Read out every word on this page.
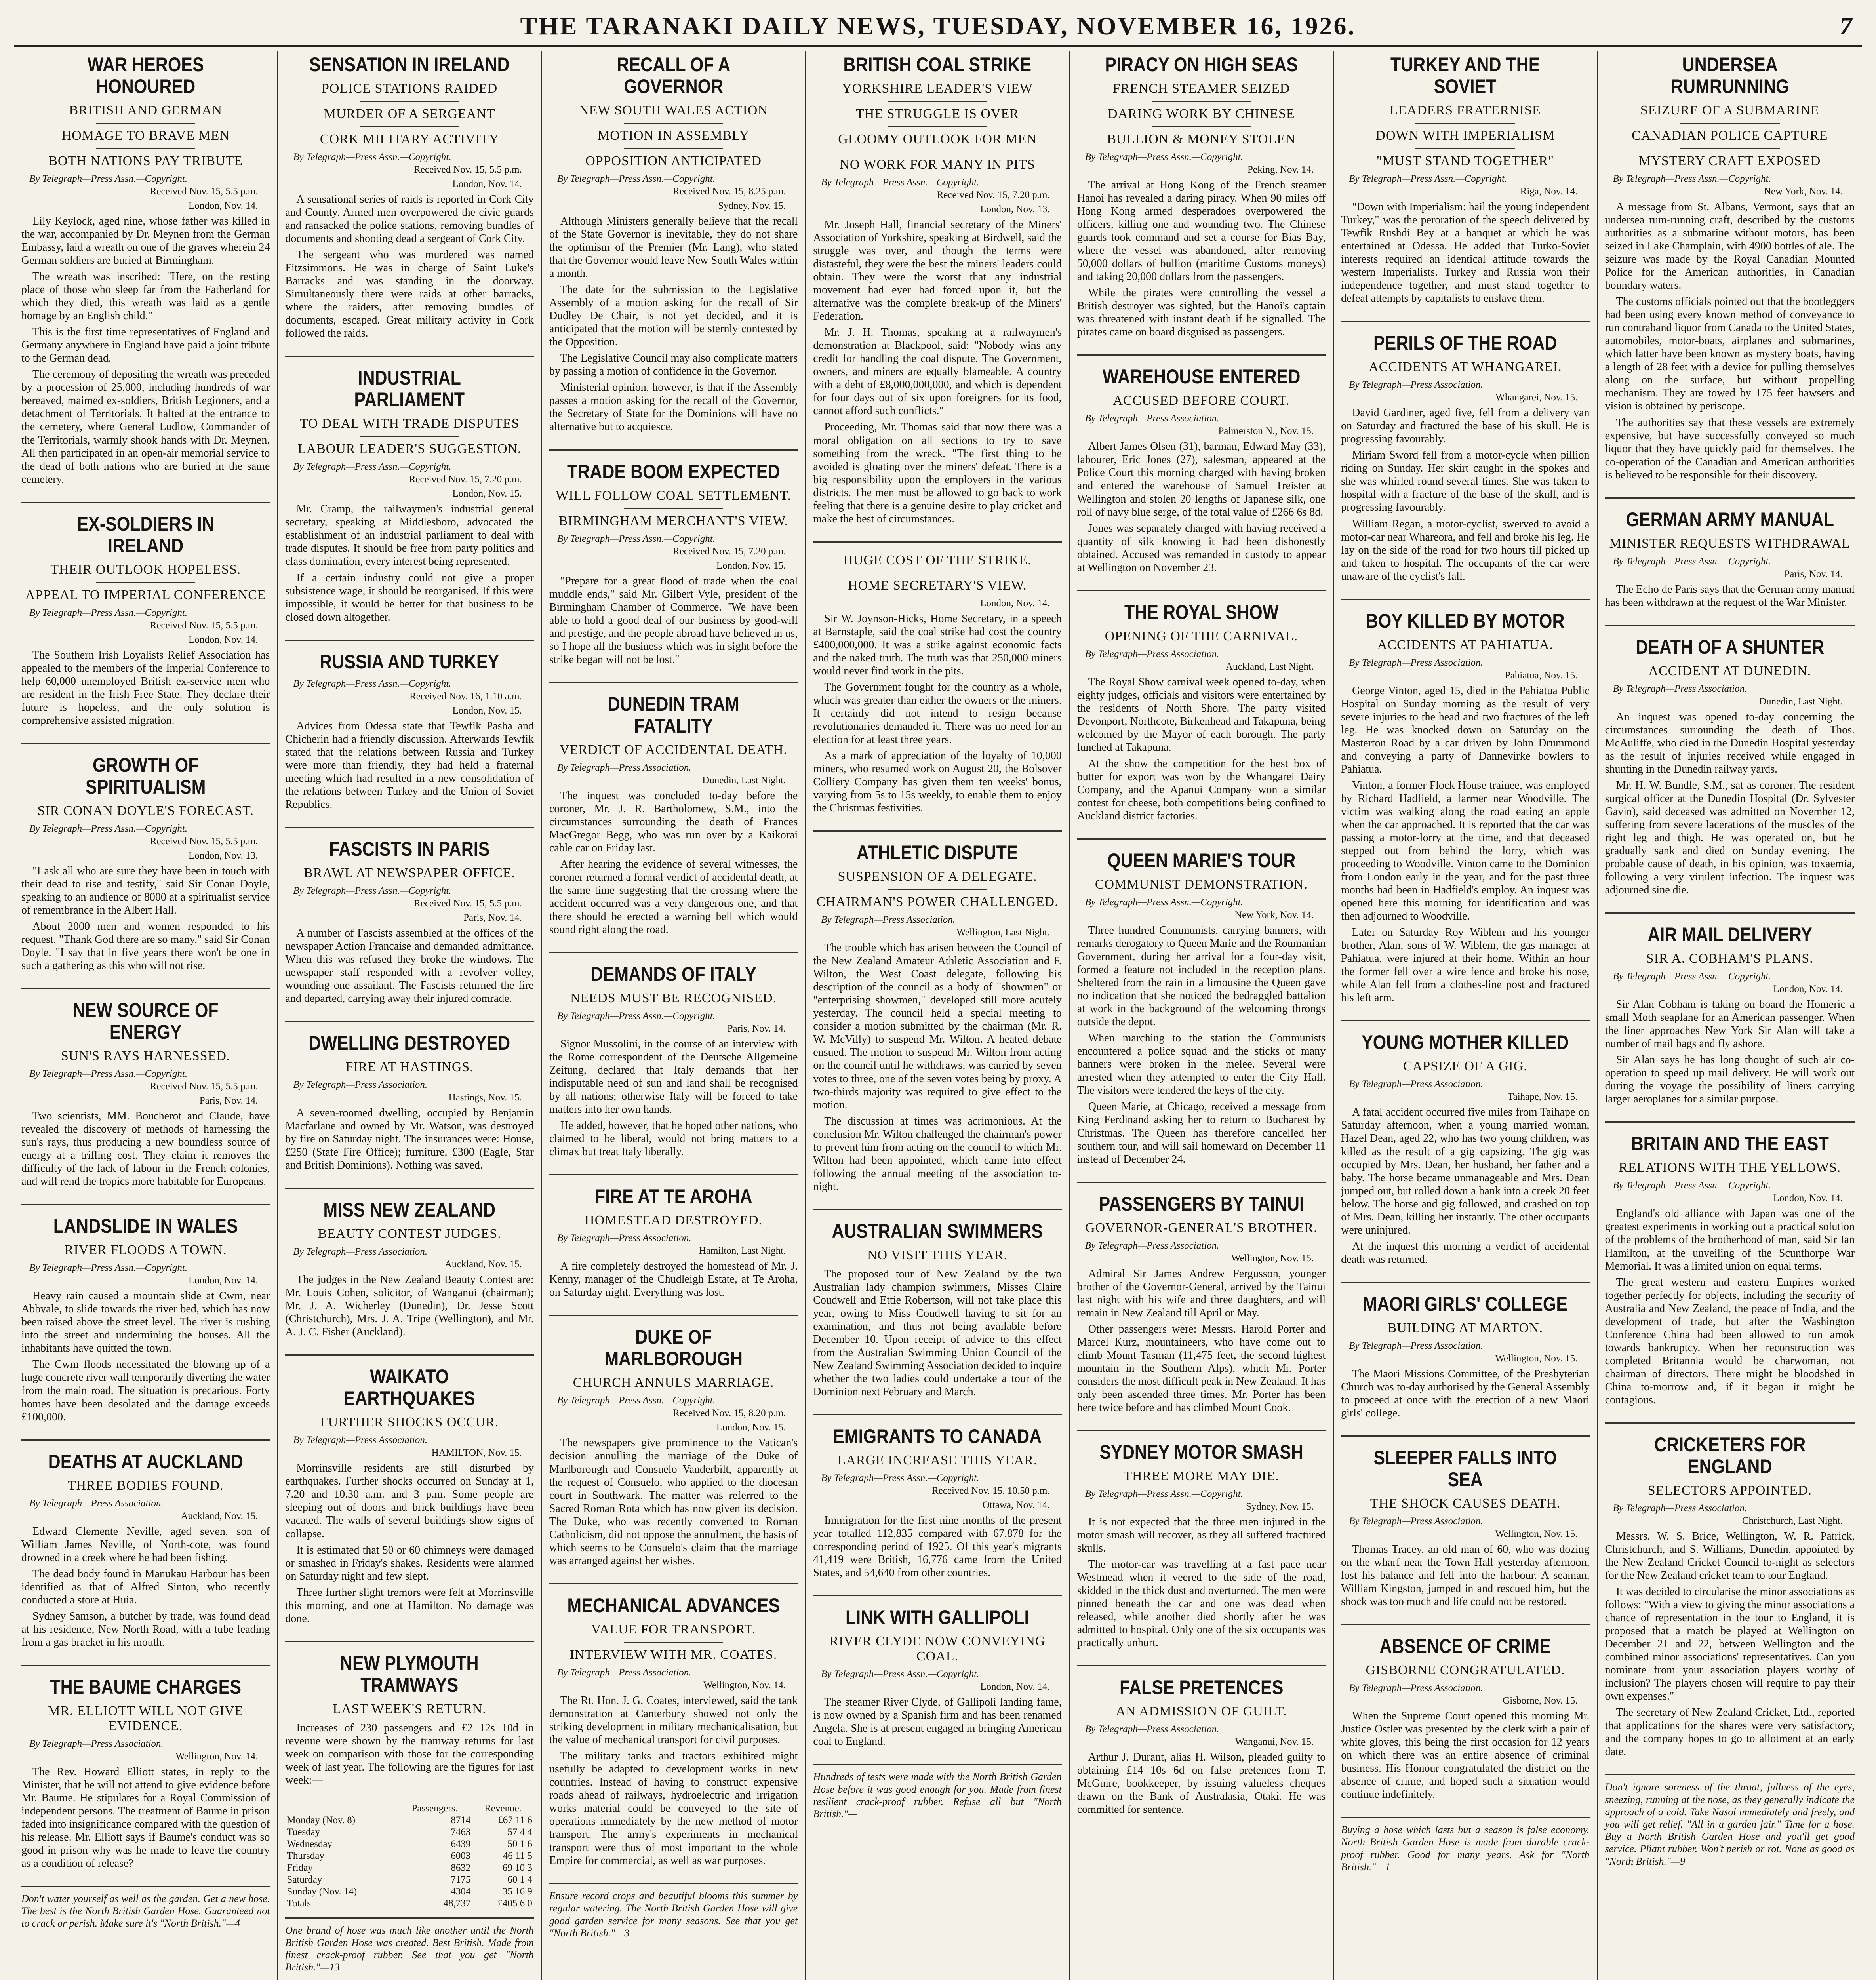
THE TARANAKI DAILY NEWS, TUESDAY, NOVEMBER 16, 1926.	7
WAR HEROES HONOURED
BRITISH AND GERMAN
HOMAGE TO BRAVE MEN
BOTH NATIONS PAY TRIBUTE
By Telegraph—Press Assn.—Copyright.
Received Nov. 15, 5.5 p.m.
London, Nov. 14.

Lily Keylock, aged nine, whose father was killed in the war, accompanied by Dr. Meynen from the German Embassy, laid a wreath on one of the graves wherein 24 German soldiers are buried at Birmingham.

The wreath was inscribed: "Here, on the resting place of those who sleep far from the Fatherland for which they died, this wreath was laid as a gentle homage by an English child."

This is the first time representatives of England and Germany anywhere in England have paid a joint tribute to the German dead.

The ceremony of depositing the wreath was preceded by a procession of 25,000, including hundreds of war bereaved, maimed ex-soldiers, British Legioners, and a detachment of Territorials. It halted at the entrance to the cemetery, where General Ludlow, Commander of the Territorials, warmly shook hands with Dr. Meynen. All then participated in an open-air memorial service to the dead of both nations who are buried in the same cemetery.

EX-SOLDIERS IN IRELAND
THEIR OUTLOOK HOPELESS.
APPEAL TO IMPERIAL CONFERENCE
By Telegraph—Press Assn.—Copyright.
Received Nov. 15, 5.5 p.m.
London, Nov. 14.

The Southern Irish Loyalists Relief Association has appealed to the members of the Imperial Conference to help 60,000 unemployed British ex-service men who are resident in the Irish Free State. They declare their future is hopeless, and the only solution is comprehensive assisted migration.

GROWTH OF SPIRITUALISM
SIR CONAN DOYLE'S FORECAST.
By Telegraph—Press Assn.—Copyright.
Received Nov. 15, 5.5 p.m.
London, Nov. 13.

"I ask all who are sure they have been in touch with their dead to rise and testify," said Sir Conan Doyle, speaking to an audience of 8000 at a spiritualist service of remembrance in the Albert Hall.

About 2000 men and women responded to his request. "Thank God there are so many," said Sir Conan Doyle. "I say that in five years there won't be one in such a gathering as this who will not rise.

NEW SOURCE OF ENERGY
SUN'S RAYS HARNESSED.
By Telegraph—Press Assn.—Copyright.
Received Nov. 15, 5.5 p.m.
Paris, Nov. 14.

Two scientists, MM. Boucherot and Claude, have revealed the discovery of methods of harnessing the sun's rays, thus producing a new boundless source of energy at a trifling cost. They claim it removes the difficulty of the lack of labour in the French colonies, and will rend the tropics more habitable for Europeans.

LANDSLIDE IN WALES
RIVER FLOODS A TOWN.
By Telegraph—Press Assn.—Copyright.
London, Nov. 14.

Heavy rain caused a mountain slide at Cwm, near Abbvale, to slide towards the river bed, which has now been raised above the street level. The river is rushing into the street and undermining the houses. All the inhabitants have quitted the town.

The Cwm floods necessitated the blowing up of a huge concrete river wall temporarily diverting the water from the main road. The situation is precarious. Forty homes have been desolated and the damage exceeds £100,000.

DEATHS AT AUCKLAND
THREE BODIES FOUND.
By Telegraph—Press Association.
Auckland, Nov. 15.

Edward Clemente Neville, aged seven, son of William James Neville, of North-cote, was found drowned in a creek where he had been fishing.

The dead body found in Manukau Harbour has been identified as that of Alfred Sinton, who recently conducted a store at Huia.

Sydney Samson, a butcher by trade, was found dead at his residence, New North Road, with a tube leading from a gas bracket in his mouth.

THE BAUME CHARGES
MR. ELLIOTT WILL NOT GIVE EVIDENCE.
By Telegraph—Press Association.
Wellington, Nov. 14.

The Rev. Howard Elliott states, in reply to the Minister, that he will not attend to give evidence before Mr. Baume. He stipulates for a Royal Commission of independent persons. The treatment of Baume in prison faded into insignificance compared with the question of his release. Mr. Elliott says if Baume's conduct was so good in prison why was he made to leave the country as a condition of release?

Don't water yourself as well as the garden. Get a new hose. The best is the North British Garden Hose. Guaranteed not to crack or perish. Make sure it's "North British."—4
SENSATION IN IRELAND
POLICE STATIONS RAIDED
MURDER OF A SERGEANT
CORK MILITARY ACTIVITY
By Telegraph—Press Assn.—Copyright.
Received Nov. 15, 5.5 p.m.
London, Nov. 14.

A sensational series of raids is reported in Cork City and County. Armed men overpowered the civic guards and ransacked the police stations, removing bundles of documents and shooting dead a sergeant of Cork City.

The sergeant who was murdered was named Fitzsimmons. He was in charge of Saint Luke's Barracks and was standing in the doorway. Simultaneously there were raids at other barracks, where the raiders, after removing bundles of documents, escaped. Great military activity in Cork followed the raids.

INDUSTRIAL PARLIAMENT
TO DEAL WITH TRADE DISPUTES
LABOUR LEADER'S SUGGESTION.
By Telegraph—Press Assn.—Copyright.
Received Nov. 15, 7.20 p.m.
London, Nov. 15.

Mr. Cramp, the railwaymen's industrial general secretary, speaking at Middlesboro, advocated the establishment of an industrial parliament to deal with trade disputes. It should be free from party politics and class domination, every interest being represented.

If a certain industry could not give a proper subsistence wage, it should be reorganised. If this were impossible, it would be better for that business to be closed down altogether.

RUSSIA AND TURKEY
By Telegraph—Press Assn.—Copyright.
Received Nov. 16, 1.10 a.m.
London, Nov. 15.

Advices from Odessa state that Tewfik Pasha and Chicherin had a friendly discussion. Afterwards Tewfik stated that the relations between Russia and Turkey were more than friendly, they had held a fraternal meeting which had resulted in a new consolidation of the relations between Turkey and the Union of Soviet Republics.

FASCISTS IN PARIS
BRAWL AT NEWSPAPER OFFICE.
By Telegraph—Press Assn.—Copyright.
Received Nov. 15, 5.5 p.m.
Paris, Nov. 14.

A number of Fascists assembled at the offices of the newspaper Action Francaise and demanded admittance. When this was refused they broke the windows. The newspaper staff responded with a revolver volley, wounding one assailant. The Fascists returned the fire and departed, carrying away their injured comrade.

DWELLING DESTROYED
FIRE AT HASTINGS.
By Telegraph—Press Association.
Hastings, Nov. 15.

A seven-roomed dwelling, occupied by Benjamin Macfarlane and owned by Mr. Watson, was destroyed by fire on Saturday night. The insurances were: House, £250 (State Fire Office); furniture, £300 (Eagle, Star and British Dominions). Nothing was saved.

MISS NEW ZEALAND
BEAUTY CONTEST JUDGES.
By Telegraph—Press Association.
Auckland, Nov. 15.

The judges in the New Zealand Beauty Contest are: Mr. Louis Cohen, solicitor, of Wanganui (chairman); Mr. J. A. Wicherley (Dunedin), Dr. Jesse Scott (Christchurch), Mrs. J. A. Tripe (Wellington), and Mr. A. J. C. Fisher (Auckland).

WAIKATO EARTHQUAKES
FURTHER SHOCKS OCCUR.
By Telegraph—Press Association.
HAMILTON, Nov. 15.

Morrinsville residents are still disturbed by earthquakes. Further shocks occurred on Sunday at 1, 7.20 and 10.30 a.m. and 3 p.m. Some people are sleeping out of doors and brick buildings have been vacated. The walls of several buildings show signs of collapse.

It is estimated that 50 or 60 chimneys were damaged or smashed in Friday's shakes. Residents were alarmed on Saturday night and few slept.

Three further slight tremors were felt at Morrinsville this morning, and one at Hamilton. No damage was done.

NEW PLYMOUTH TRAMWAYS
LAST WEEK'S RETURN.

Increases of 230 passengers and £2 12s 10d in revenue were shown by the tramway returns for last week on comparison with those for the corresponding week of last year. The following are the figures for last week:—

	Passengers.	Revenue.
Monday (Nov. 8)	8714	£67 11 6
Tuesday	7463	57 4 4
Wednesday	6439	50 1 6
Thursday	6003	46 11 5
Friday	8632	69 10 3
Saturday	7175	60 1 4
Sunday (Nov. 14)	4304	35 16 9
Totals	48,737	£405 6 0
One brand of hose was much like another until the North British Garden Hose was created. Best British. Made from finest crack-proof rubber. See that you get "North British."—13
RECALL OF A GOVERNOR
NEW SOUTH WALES ACTION
MOTION IN ASSEMBLY
OPPOSITION ANTICIPATED
By Telegraph—Press Assn.—Copyright.
Received Nov. 15, 8.25 p.m.
Sydney, Nov. 15.

Although Ministers generally believe that the recall of the State Governor is inevitable, they do not share the optimism of the Premier (Mr. Lang), who stated that the Governor would leave New South Wales within a month.

The date for the submission to the Legislative Assembly of a motion asking for the recall of Sir Dudley De Chair, is not yet decided, and it is anticipated that the motion will be sternly contested by the Opposition.

The Legislative Council may also complicate matters by passing a motion of confidence in the Governor.

Ministerial opinion, however, is that if the Assembly passes a motion asking for the recall of the Governor, the Secretary of State for the Dominions will have no alternative but to acquiesce.

TRADE BOOM EXPECTED
WILL FOLLOW COAL SETTLEMENT.
BIRMINGHAM MERCHANT'S VIEW.
By Telegraph—Press Assn.—Copyright.
Received Nov. 15, 7.20 p.m.
London, Nov. 15.

"Prepare for a great flood of trade when the coal muddle ends," said Mr. Gilbert Vyle, president of the Birmingham Chamber of Commerce. "We have been able to hold a good deal of our business by good-will and prestige, and the people abroad have believed in us, so I hope all the business which was in sight before the strike began will not be lost."

DUNEDIN TRAM FATALITY
VERDICT OF ACCIDENTAL DEATH.
By Telegraph—Press Association.
Dunedin, Last Night.

The inquest was concluded to-day before the coroner, Mr. J. R. Bartholomew, S.M., into the circumstances surrounding the death of Frances MacGregor Begg, who was run over by a Kaikorai cable car on Friday last.

After hearing the evidence of several witnesses, the coroner returned a formal verdict of accidental death, at the same time suggesting that the crossing where the accident occurred was a very dangerous one, and that there should be erected a warning bell which would sound right along the road.

DEMANDS OF ITALY
NEEDS MUST BE RECOGNISED.
By Telegraph—Press Assn.—Copyright.
Paris, Nov. 14.

Signor Mussolini, in the course of an interview with the Rome correspondent of the Deutsche Allgemeine Zeitung, declared that Italy demands that her indisputable need of sun and land shall be recognised by all nations; otherwise Italy will be forced to take matters into her own hands.

He added, however, that he hoped other nations, who claimed to be liberal, would not bring matters to a climax but treat Italy liberally.

FIRE AT TE AROHA
HOMESTEAD DESTROYED.
By Telegraph—Press Association.
Hamilton, Last Night.

A fire completely destroyed the homestead of Mr. J. Kenny, manager of the Chudleigh Estate, at Te Aroha, on Saturday night. Everything was lost.

DUKE OF MARLBOROUGH
CHURCH ANNULS MARRIAGE.
By Telegraph—Press Assn.—Copyright.
Received Nov. 15, 8.20 p.m.
London, Nov. 15.

The newspapers give prominence to the Vatican's decision annulling the marriage of the Duke of Marlborough and Consuelo Vanderbilt, apparently at the request of Consuelo, who applied to the diocesan court in Southwark. The matter was referred to the Sacred Roman Rota which has now given its decision. The Duke, who was recently converted to Roman Catholicism, did not oppose the annulment, the basis of which seems to be Consuelo's claim that the marriage was arranged against her wishes.

MECHANICAL ADVANCES
VALUE FOR TRANSPORT.
INTERVIEW WITH MR. COATES.
By Telegraph—Press Association.
Wellington, Nov. 14.

The Rt. Hon. J. G. Coates, interviewed, said the tank demonstration at Canterbury showed not only the striking development in military mechanicalisation, but the value of mechanical transport for civil purposes.

The military tanks and tractors exhibited might usefully be adapted to development works in new countries. Instead of having to construct expensive roads ahead of railways, hydroelectric and irrigation works material could be conveyed to the site of operations immediately by the new method of motor transport. The army's experiments in mechanical transport were thus of most important to the whole Empire for commercial, as well as war purposes.

Ensure record crops and beautiful blooms this summer by regular watering. The North British Garden Hose will give good garden service for many seasons. See that you get "North British."—3
BRITISH COAL STRIKE
YORKSHIRE LEADER'S VIEW
THE STRUGGLE IS OVER
GLOOMY OUTLOOK FOR MEN
NO WORK FOR MANY IN PITS
By Telegraph—Press Assn.—Copyright.
Received Nov. 15, 7.20 p.m.
London, Nov. 13.

Mr. Joseph Hall, financial secretary of the Miners' Association of Yorkshire, speaking at Birdwell, said the struggle was over, and though the terms were distasteful, they were the best the miners' leaders could obtain. They were the worst that any industrial movement had ever had forced upon it, but the alternative was the complete break-up of the Miners' Federation.

Mr. J. H. Thomas, speaking at a railwaymen's demonstration at Blackpool, said: "Nobody wins any credit for handling the coal dispute. The Government, owners, and miners are equally blameable. A country with a debt of £8,000,000,000, and which is dependent for four days out of six upon foreigners for its food, cannot afford such conflicts."

Proceeding, Mr. Thomas said that now there was a moral obligation on all sections to try to save something from the wreck. "The first thing to be avoided is gloating over the miners' defeat. There is a big responsibility upon the employers in the various districts. The men must be allowed to go back to work feeling that there is a genuine desire to play cricket and make the best of circumstances.

HUGE COST OF THE STRIKE.
HOME SECRETARY'S VIEW.
London, Nov. 14.

Sir W. Joynson-Hicks, Home Secretary, in a speech at Barnstaple, said the coal strike had cost the country £400,000,000. It was a strike against economic facts and the naked truth. The truth was that 250,000 miners would never find work in the pits.

The Government fought for the country as a whole, which was greater than either the owners or the miners. It certainly did not intend to resign because revolutionaries demanded it. There was no need for an election for at least three years.

As a mark of appreciation of the loyalty of 10,000 miners, who resumed work on August 20, the Bolsover Colliery Company has given them ten weeks' bonus, varying from 5s to 15s weekly, to enable them to enjoy the Christmas festivities.

ATHLETIC DISPUTE
SUSPENSION OF A DELEGATE.
CHAIRMAN'S POWER CHALLENGED.
By Telegraph—Press Association.
Wellington, Last Night.

The trouble which has arisen between the Council of the New Zealand Amateur Athletic Association and F. Wilton, the West Coast delegate, following his description of the council as a body of "showmen" or "enterprising showmen," developed still more acutely yesterday. The council held a special meeting to consider a motion submitted by the chairman (Mr. R. W. McVilly) to suspend Mr. Wilton. A heated debate ensued. The motion to suspend Mr. Wilton from acting on the council until he withdraws, was carried by seven votes to three, one of the seven votes being by proxy. A two-thirds majority was required to give effect to the motion.

The discussion at times was acrimonious. At the conclusion Mr. Wilton challenged the chairman's power to prevent him from acting on the council to which Mr. Wilton had been appointed, which came into effect following the annual meeting of the association to-night.

AUSTRALIAN SWIMMERS
NO VISIT THIS YEAR.

The proposed tour of New Zealand by the two Australian lady champion swimmers, Misses Claire Coudwell and Ettie Robertson, will not take place this year, owing to Miss Coudwell having to sit for an examination, and thus not being available before December 10. Upon receipt of advice to this effect from the Australian Swimming Union Council of the New Zealand Swimming Association decided to inquire whether the two ladies could undertake a tour of the Dominion next February and March.

EMIGRANTS TO CANADA
LARGE INCREASE THIS YEAR.
By Telegraph—Press Assn.—Copyright.
Received Nov. 15, 10.50 p.m.
Ottawa, Nov. 14.

Immigration for the first nine months of the present year totalled 112,835 compared with 67,878 for the corresponding period of 1925. Of this year's migrants 41,419 were British, 16,776 came from the United States, and 54,640 from other countries.

LINK WITH GALLIPOLI
RIVER CLYDE NOW CONVEYING COAL.
By Telegraph—Press Assn.—Copyright.
London, Nov. 14.

The steamer River Clyde, of Gallipoli landing fame, is now owned by a Spanish firm and has been renamed Angela. She is at present engaged in bringing American coal to England.

Hundreds of tests were made with the North British Garden Hose before it was good enough for you. Made from finest resilient crack-proof rubber. Refuse all but "North British."—
PIRACY ON HIGH SEAS
FRENCH STEAMER SEIZED
DARING WORK BY CHINESE
BULLION & MONEY STOLEN
By Telegraph—Press Assn.—Copyright.
Peking, Nov. 14.

The arrival at Hong Kong of the French steamer Hanoi has revealed a daring piracy. When 90 miles off Hong Kong armed desperadoes overpowered the officers, killing one and wounding two. The Chinese guards took command and set a course for Bias Bay, where the vessel was abandoned, after removing 50,000 dollars of bullion (maritime Customs moneys) and taking 20,000 dollars from the passengers.

While the pirates were controlling the vessel a British destroyer was sighted, but the Hanoi's captain was threatened with instant death if he signalled. The pirates came on board disguised as passengers.

WAREHOUSE ENTERED
ACCUSED BEFORE COURT.
By Telegraph—Press Association.
Palmerston N., Nov. 15.

Albert James Olsen (31), barman, Edward May (33), labourer, Eric Jones (27), salesman, appeared at the Police Court this morning charged with having broken and entered the warehouse of Samuel Treister at Wellington and stolen 20 lengths of Japanese silk, one roll of navy blue serge, of the total value of £266 6s 8d.

Jones was separately charged with having received a quantity of silk knowing it had been dishonestly obtained. Accused was remanded in custody to appear at Wellington on November 23.

THE ROYAL SHOW
OPENING OF THE CARNIVAL.
By Telegraph—Press Association.
Auckland, Last Night.

The Royal Show carnival week opened to-day, when eighty judges, officials and visitors were entertained by the residents of North Shore. The party visited Devonport, Northcote, Birkenhead and Takapuna, being welcomed by the Mayor of each borough. The party lunched at Takapuna.

At the show the competition for the best box of butter for export was won by the Whangarei Dairy Company, and the Apanui Company won a similar contest for cheese, both competitions being confined to Auckland district factories.

QUEEN MARIE'S TOUR
COMMUNIST DEMONSTRATION.
By Telegraph—Press Assn.—Copyright.
New York, Nov. 14.

Three hundred Communists, carrying banners, with remarks derogatory to Queen Marie and the Roumanian Government, during her arrival for a four-day visit, formed a feature not included in the reception plans. Sheltered from the rain in a limousine the Queen gave no indication that she noticed the bedraggled battalion at work in the background of the welcoming throngs outside the depot.

When marching to the station the Communists encountered a police squad and the sticks of many banners were broken in the melee. Several were arrested when they attempted to enter the City Hall. The visitors were tendered the keys of the city.

Queen Marie, at Chicago, received a message from King Ferdinand asking her to return to Bucharest by Christmas. The Queen has therefore cancelled her southern tour, and will sail homeward on December 11 instead of December 24.

PASSENGERS BY TAINUI
GOVERNOR-GENERAL'S BROTHER.
By Telegraph—Press Association.
Wellington, Nov. 15.

Admiral Sir James Andrew Fergusson, younger brother of the Governor-General, arrived by the Tainui last night with his wife and three daughters, and will remain in New Zealand till April or May.

Other passengers were: Messrs. Harold Porter and Marcel Kurz, mountaineers, who have come out to climb Mount Tasman (11,475 feet, the second highest mountain in the Southern Alps), which Mr. Porter considers the most difficult peak in New Zealand. It has only been ascended three times. Mr. Porter has been here twice before and has climbed Mount Cook.

SYDNEY MOTOR SMASH
THREE MORE MAY DIE.
By Telegraph—Press Assn.—Copyright.
Sydney, Nov. 15.

It is not expected that the three men injured in the motor smash will recover, as they all suffered fractured skulls.

The motor-car was travelling at a fast pace near Westmead when it veered to the side of the road, skidded in the thick dust and overturned. The men were pinned beneath the car and one was dead when released, while another died shortly after he was admitted to hospital. Only one of the six occupants was practically unhurt.

FALSE PRETENCES
AN ADMISSION OF GUILT.
By Telegraph—Press Association.
Wanganui, Nov. 15.

Arthur J. Durant, alias H. Wilson, pleaded guilty to obtaining £14 10s 6d on false pretences from T. McGuire, bookkeeper, by issuing valueless cheques drawn on the Bank of Australasia, Otaki. He was committed for sentence.

TURKEY AND THE SOVIET
LEADERS FRATERNISE
DOWN WITH IMPERIALISM
"MUST STAND TOGETHER"
By Telegraph—Press Assn.—Copyright.
Riga, Nov. 14.

"Down with Imperialism: hail the young independent Turkey," was the peroration of the speech delivered by Tewfik Rushdi Bey at a banquet at which he was entertained at Odessa. He added that Turko-Soviet interests required an identical attitude towards the western Imperialists. Turkey and Russia won their independence together, and must stand together to defeat attempts by capitalists to enslave them.

PERILS OF THE ROAD
ACCIDENTS AT WHANGAREI.
By Telegraph—Press Association.
Whangarei, Nov. 15.

David Gardiner, aged five, fell from a delivery van on Saturday and fractured the base of his skull. He is progressing favourably.

Miriam Sword fell from a motor-cycle when pillion riding on Sunday. Her skirt caught in the spokes and she was whirled round several times. She was taken to hospital with a fracture of the base of the skull, and is progressing favourably.

William Regan, a motor-cyclist, swerved to avoid a motor-car near Whareora, and fell and broke his leg. He lay on the side of the road for two hours till picked up and taken to hospital. The occupants of the car were unaware of the cyclist's fall.

BOY KILLED BY MOTOR
ACCIDENTS AT PAHIATUA.
By Telegraph—Press Association.
Pahiatua, Nov. 15.

George Vinton, aged 15, died in the Pahiatua Public Hospital on Sunday morning as the result of very severe injuries to the head and two fractures of the left leg. He was knocked down on Saturday on the Masterton Road by a car driven by John Drummond and conveying a party of Dannevirke bowlers to Pahiatua.

Vinton, a former Flock House trainee, was employed by Richard Hadfield, a farmer near Woodville. The victim was walking along the road eating an apple when the car approached. It is reported that the car was passing a motor-lorry at the time, and that deceased stepped out from behind the lorry, which was proceeding to Woodville. Vinton came to the Dominion from London early in the year, and for the past three months had been in Hadfield's employ. An inquest was opened here this morning for identification and was then adjourned to Woodville.

Later on Saturday Roy Wiblem and his younger brother, Alan, sons of W. Wiblem, the gas manager at Pahiatua, were injured at their home. Within an hour the former fell over a wire fence and broke his nose, while Alan fell from a clothes-line post and fractured his left arm.

YOUNG MOTHER KILLED
CAPSIZE OF A GIG.
By Telegraph—Press Association.
Taihape, Nov. 15.

A fatal accident occurred five miles from Taihape on Saturday afternoon, when a young married woman, Hazel Dean, aged 22, who has two young children, was killed as the result of a gig capsizing. The gig was occupied by Mrs. Dean, her husband, her father and a baby. The horse became unmanageable and Mrs. Dean jumped out, but rolled down a bank into a creek 20 feet below. The horse and gig followed, and crashed on top of Mrs. Dean, killing her instantly. The other occupants were uninjured.

At the inquest this morning a verdict of accidental death was returned.

MAORI GIRLS' COLLEGE
BUILDING AT MARTON.
By Telegraph—Press Association.
Wellington, Nov. 15.

The Maori Missions Committee, of the Presbyterian Church was to-day authorised by the General Assembly to proceed at once with the erection of a new Maori girls' college.

SLEEPER FALLS INTO SEA
THE SHOCK CAUSES DEATH.
By Telegraph—Press Association.
Wellington, Nov. 15.

Thomas Tracey, an old man of 60, who was dozing on the wharf near the Town Hall yesterday afternoon, lost his balance and fell into the harbour. A seaman, William Kingston, jumped in and rescued him, but the shock was too much and life could not be restored.

ABSENCE OF CRIME
GISBORNE CONGRATULATED.
By Telegraph—Press Association.
Gisborne, Nov. 15.

When the Supreme Court opened this morning Mr. Justice Ostler was presented by the clerk with a pair of white gloves, this being the first occasion for 12 years on which there was an entire absence of criminal business. His Honour congratulated the district on the absence of crime, and hoped such a situation would continue indefinitely.

Buying a hose which lasts but a season is false economy. North British Garden Hose is made from durable crack-proof rubber. Good for many years. Ask for "North British."—1
UNDERSEA RUMRUNNING
SEIZURE OF A SUBMARINE
CANADIAN POLICE CAPTURE
MYSTERY CRAFT EXPOSED
By Telegraph—Press Assn.—Copyright.
New York, Nov. 14.

A message from St. Albans, Vermont, says that an undersea rum-running craft, described by the customs authorities as a submarine without motors, has been seized in Lake Champlain, with 4900 bottles of ale. The seizure was made by the Royal Canadian Mounted Police for the American authorities, in Canadian boundary waters.

The customs officials pointed out that the bootleggers had been using every known method of conveyance to run contraband liquor from Canada to the United States, automobiles, motor-boats, airplanes and submarines, which latter have been known as mystery boats, having a length of 28 feet with a device for pulling themselves along on the surface, but without propelling mechanism. They are towed by 175 feet hawsers and vision is obtained by periscope.

The authorities say that these vessels are extremely expensive, but have successfully conveyed so much liquor that they have quickly paid for themselves. The co-operation of the Canadian and American authorities is believed to be responsible for their discovery.

GERMAN ARMY MANUAL
MINISTER REQUESTS WITHDRAWAL
By Telegraph—Press Assn.—Copyright.
Paris, Nov. 14.

The Echo de Paris says that the German army manual has been withdrawn at the request of the War Minister.

DEATH OF A SHUNTER
ACCIDENT AT DUNEDIN.
By Telegraph—Press Association.
Dunedin, Last Night.

An inquest was opened to-day concerning the circumstances surrounding the death of Thos. McAuliffe, who died in the Dunedin Hospital yesterday as the result of injuries received while engaged in shunting in the Dunedin railway yards.

Mr. H. W. Bundle, S.M., sat as coroner. The resident surgical officer at the Dunedin Hospital (Dr. Sylvester Gavin), said deceased was admitted on November 12, suffering from severe lacerations of the muscles of the right leg and thigh. He was operated on, but he gradually sank and died on Sunday evening. The probable cause of death, in his opinion, was toxaemia, following a very virulent infection. The inquest was adjourned sine die.

AIR MAIL DELIVERY
SIR A. COBHAM'S PLANS.
By Telegraph—Press Assn.—Copyright.
London, Nov. 14.

Sir Alan Cobham is taking on board the Homeric a small Moth seaplane for an American passenger. When the liner approaches New York Sir Alan will take a number of mail bags and fly ashore.

Sir Alan says he has long thought of such air co-operation to speed up mail delivery. He will work out during the voyage the possibility of liners carrying larger aeroplanes for a similar purpose.

BRITAIN AND THE EAST
RELATIONS WITH THE YELLOWS.
By Telegraph—Press Assn.—Copyright.
London, Nov. 14.

England's old alliance with Japan was one of the greatest experiments in working out a practical solution of the problems of the brotherhood of man, said Sir Ian Hamilton, at the unveiling of the Scunthorpe War Memorial. It was a limited union on equal terms.

The great western and eastern Empires worked together perfectly for objects, including the security of Australia and New Zealand, the peace of India, and the development of trade, but after the Washington Conference China had been allowed to run amok towards bankruptcy. When her reconstruction was completed Britannia would be charwoman, not chairman of directors. There might be bloodshed in China to-morrow and, if it began it might be contagious.

CRICKETERS FOR ENGLAND
SELECTORS APPOINTED.
By Telegraph—Press Association.
Christchurch, Last Night.

Messrs. W. S. Brice, Wellington, W. R. Patrick, Christchurch, and S. Williams, Dunedin, appointed by the New Zealand Cricket Council to-night as selectors for the New Zealand cricket team to tour England.

It was decided to circularise the minor associations as follows: "With a view to giving the minor associations a chance of representation in the tour to England, it is proposed that a match be played at Wellington on December 21 and 22, between Wellington and the combined minor associations' representatives. Can you nominate from your association players worthy of inclusion? The players chosen will require to pay their own expenses."

The secretary of New Zealand Cricket, Ltd., reported that applications for the shares were very satisfactory, and the company hopes to go to allotment at an early date.

Don't ignore soreness of the throat, fullness of the eyes, sneezing, running at the nose, as they generally indicate the approach of a cold. Take Nasol immediately and freely, and you will get relief. "All in a garden fair." Time for a hose. Buy a North British Garden Hose and you'll get good service. Pliant rubber. Won't perish or rot. None as good as "North British."—9
